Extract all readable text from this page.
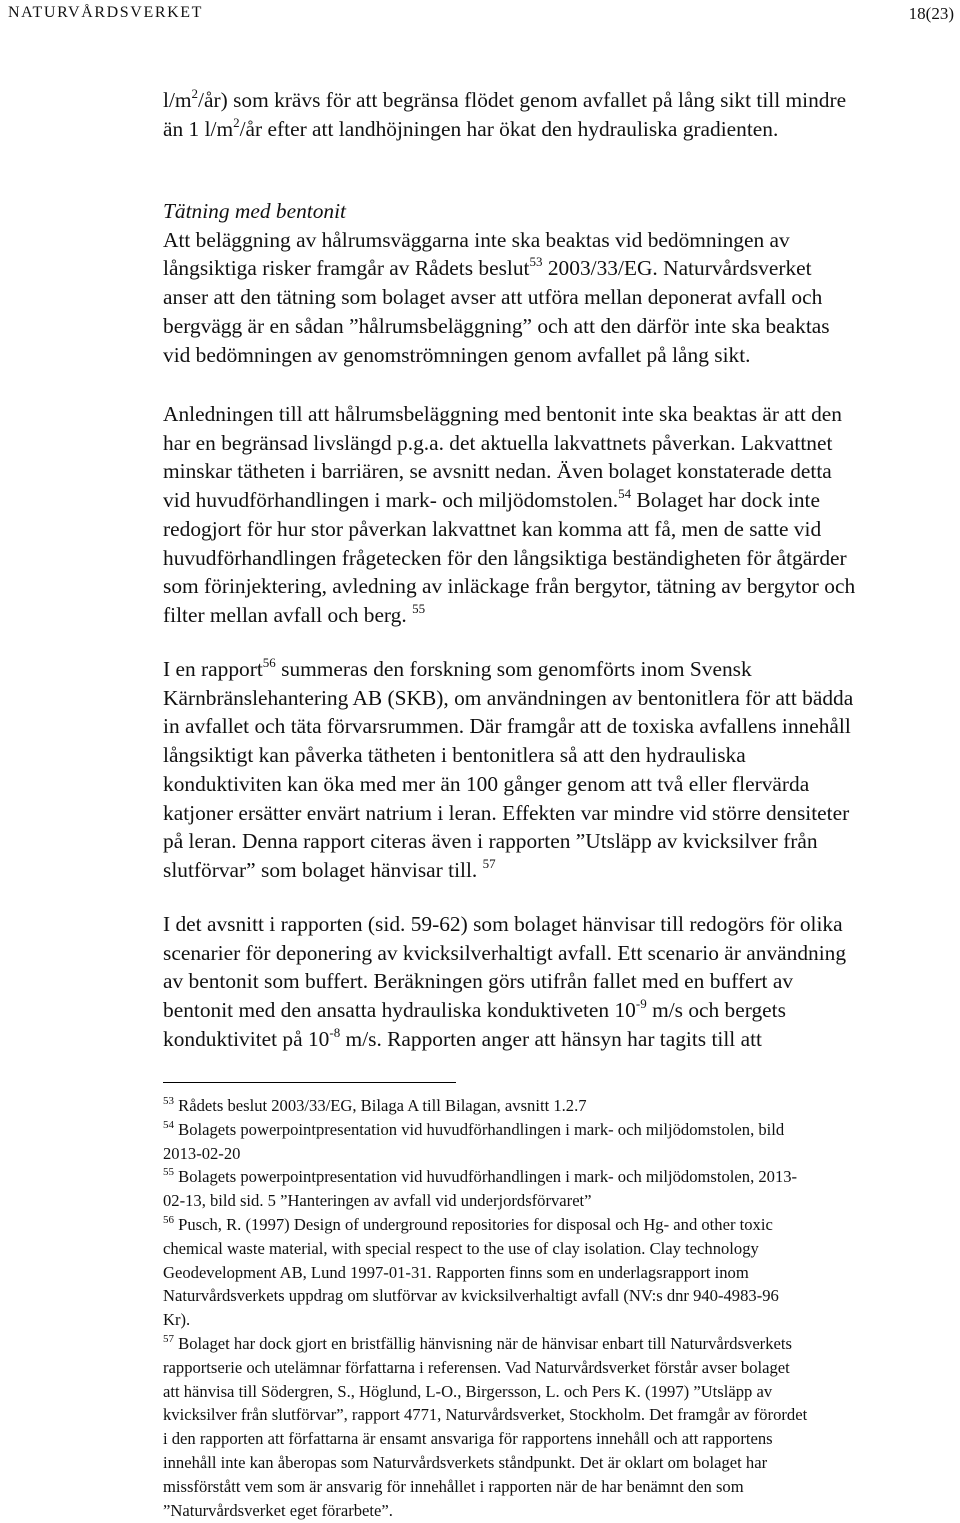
NATURVÅRDSVERKET	18(23)
$l/m^2/år$) som krävs för att begränsa flödet genom avfallet på lång sikt till mindre
än 1 $l/m^2/år$ efter att landhöjningen har ökat den hydrauliska gradienten.
Tätning med bentonit
Att beläggning av hålrumsväggarna inte ska beaktas vid bedömningen av
långsiktiga risker framgår av Rådets beslut$^{53}$ 2003/33/EG. Naturvårdsverket
anser att den tätning som bolaget avser att utföra mellan deponerat avfall och
bergvägg är en sådan ”hålrumsbeläggning” och att den därför inte ska beaktas
vid bedömningen av genomströmningen genom avfallet på lång sikt.
Anledningen till att hålrumsbeläggning med bentonit inte ska beaktas är att den
har en begränsad livslängd p.g.a. det aktuella lakvattnets påverkan. Lakvattnet
minskar tätheten i barriären, se avsnitt nedan. Även bolaget konstaterade detta
vid huvudförhandlingen i mark- och miljödomstolen.$^{54}$ Bolaget har dock inte
redogjort för hur stor påverkan lakvattnet kan komma att få, men de satte vid
huvudförhandlingen frågetecken för den långsiktiga beständigheten för åtgärder
som förinjektering, avledning av inläckage från bergytor, tätning av bergytor och
filter mellan avfall och berg. $^{55}$
I en rapport$^{56}$ summeras den forskning som genomförts inom Svensk
Kärnbränslehantering AB (SKB), om användningen av bentonitlera för att bädda
in avfallet och täta förvarsrummen. Där framgår att de toxiska avfallens innehåll
långsiktigt kan påverka tätheten i bentonitlera så att den hydrauliska
konduktiviten kan öka med mer än 100 gånger genom att två eller flervärda
katjoner ersätter envärt natrium i leran. Effekten var mindre vid större densiteter
på leran. Denna rapport citeras även i rapporten ”Utsläpp av kvicksilver från
slutförvar” som bolaget hänvisar till. $^{57}$
I det avsnitt i rapporten (sid. 59-62) som bolaget hänvisar till redogörs för olika
scenarier för deponering av kvicksilverhaltigt avfall. Ett scenario är användning
av bentonit som buffert. Beräkningen görs utifrån fallet med en buffert av
bentonit med den ansatta hydrauliska konduktiveten $10^{-9}$ m/s och bergets
konduktivitet på $10^{-8}$ m/s. Rapporten anger att hänsyn har tagits till att
$^{53}$ Rådets beslut 2003/33/EG, Bilaga A till Bilagan, avsnitt 1.2.7
$^{54}$ Bolagets powerpointpresentation vid huvudförhandlingen i mark- och miljödomstolen, bild
2013-02-20
$^{55}$ Bolagets powerpointpresentation vid huvudförhandlingen i mark- och miljödomstolen, 2013-
02-13, bild sid. 5 ”Hanteringen av avfall vid underjordsförvaret”
$^{56}$ Pusch, R. (1997) Design of underground repositories for disposal och Hg- and other toxic
chemical waste material, with special respect to the use of clay isolation. Clay technology
Geodevelopment AB, Lund 1997-01-31. Rapporten finns som en underlagsrapport inom
Naturvårdsverkets uppdrag om slutförvar av kvicksilverhaltigt avfall (NV:s dnr 940-4983-96
Kr).
$^{57}$ Bolaget har dock gjort en bristfällig hänvisning när de hänvisar enbart till Naturvårdsverkets
rapportserie och utelämnar författarna i referensen. Vad Naturvårdsverket förstår avser bolaget
att hänvisa till Södergren, S., Höglund, L-O., Birgersson, L. och Pers K. (1997) ”Utsläpp av
kvicksilver från slutförvar”, rapport 4771, Naturvårdsverket, Stockholm. Det framgår av förordet
i den rapporten att författarna är ensamt ansvariga för rapportens innehåll och att rapportens
innehåll inte kan åberopas som Naturvårdsverkets ståndpunkt. Det är oklart om bolaget har
missförstått vem som är ansvarig för innehållet i rapporten när de har benämnt den som
”Naturvårdsverket eget förarbete”.
